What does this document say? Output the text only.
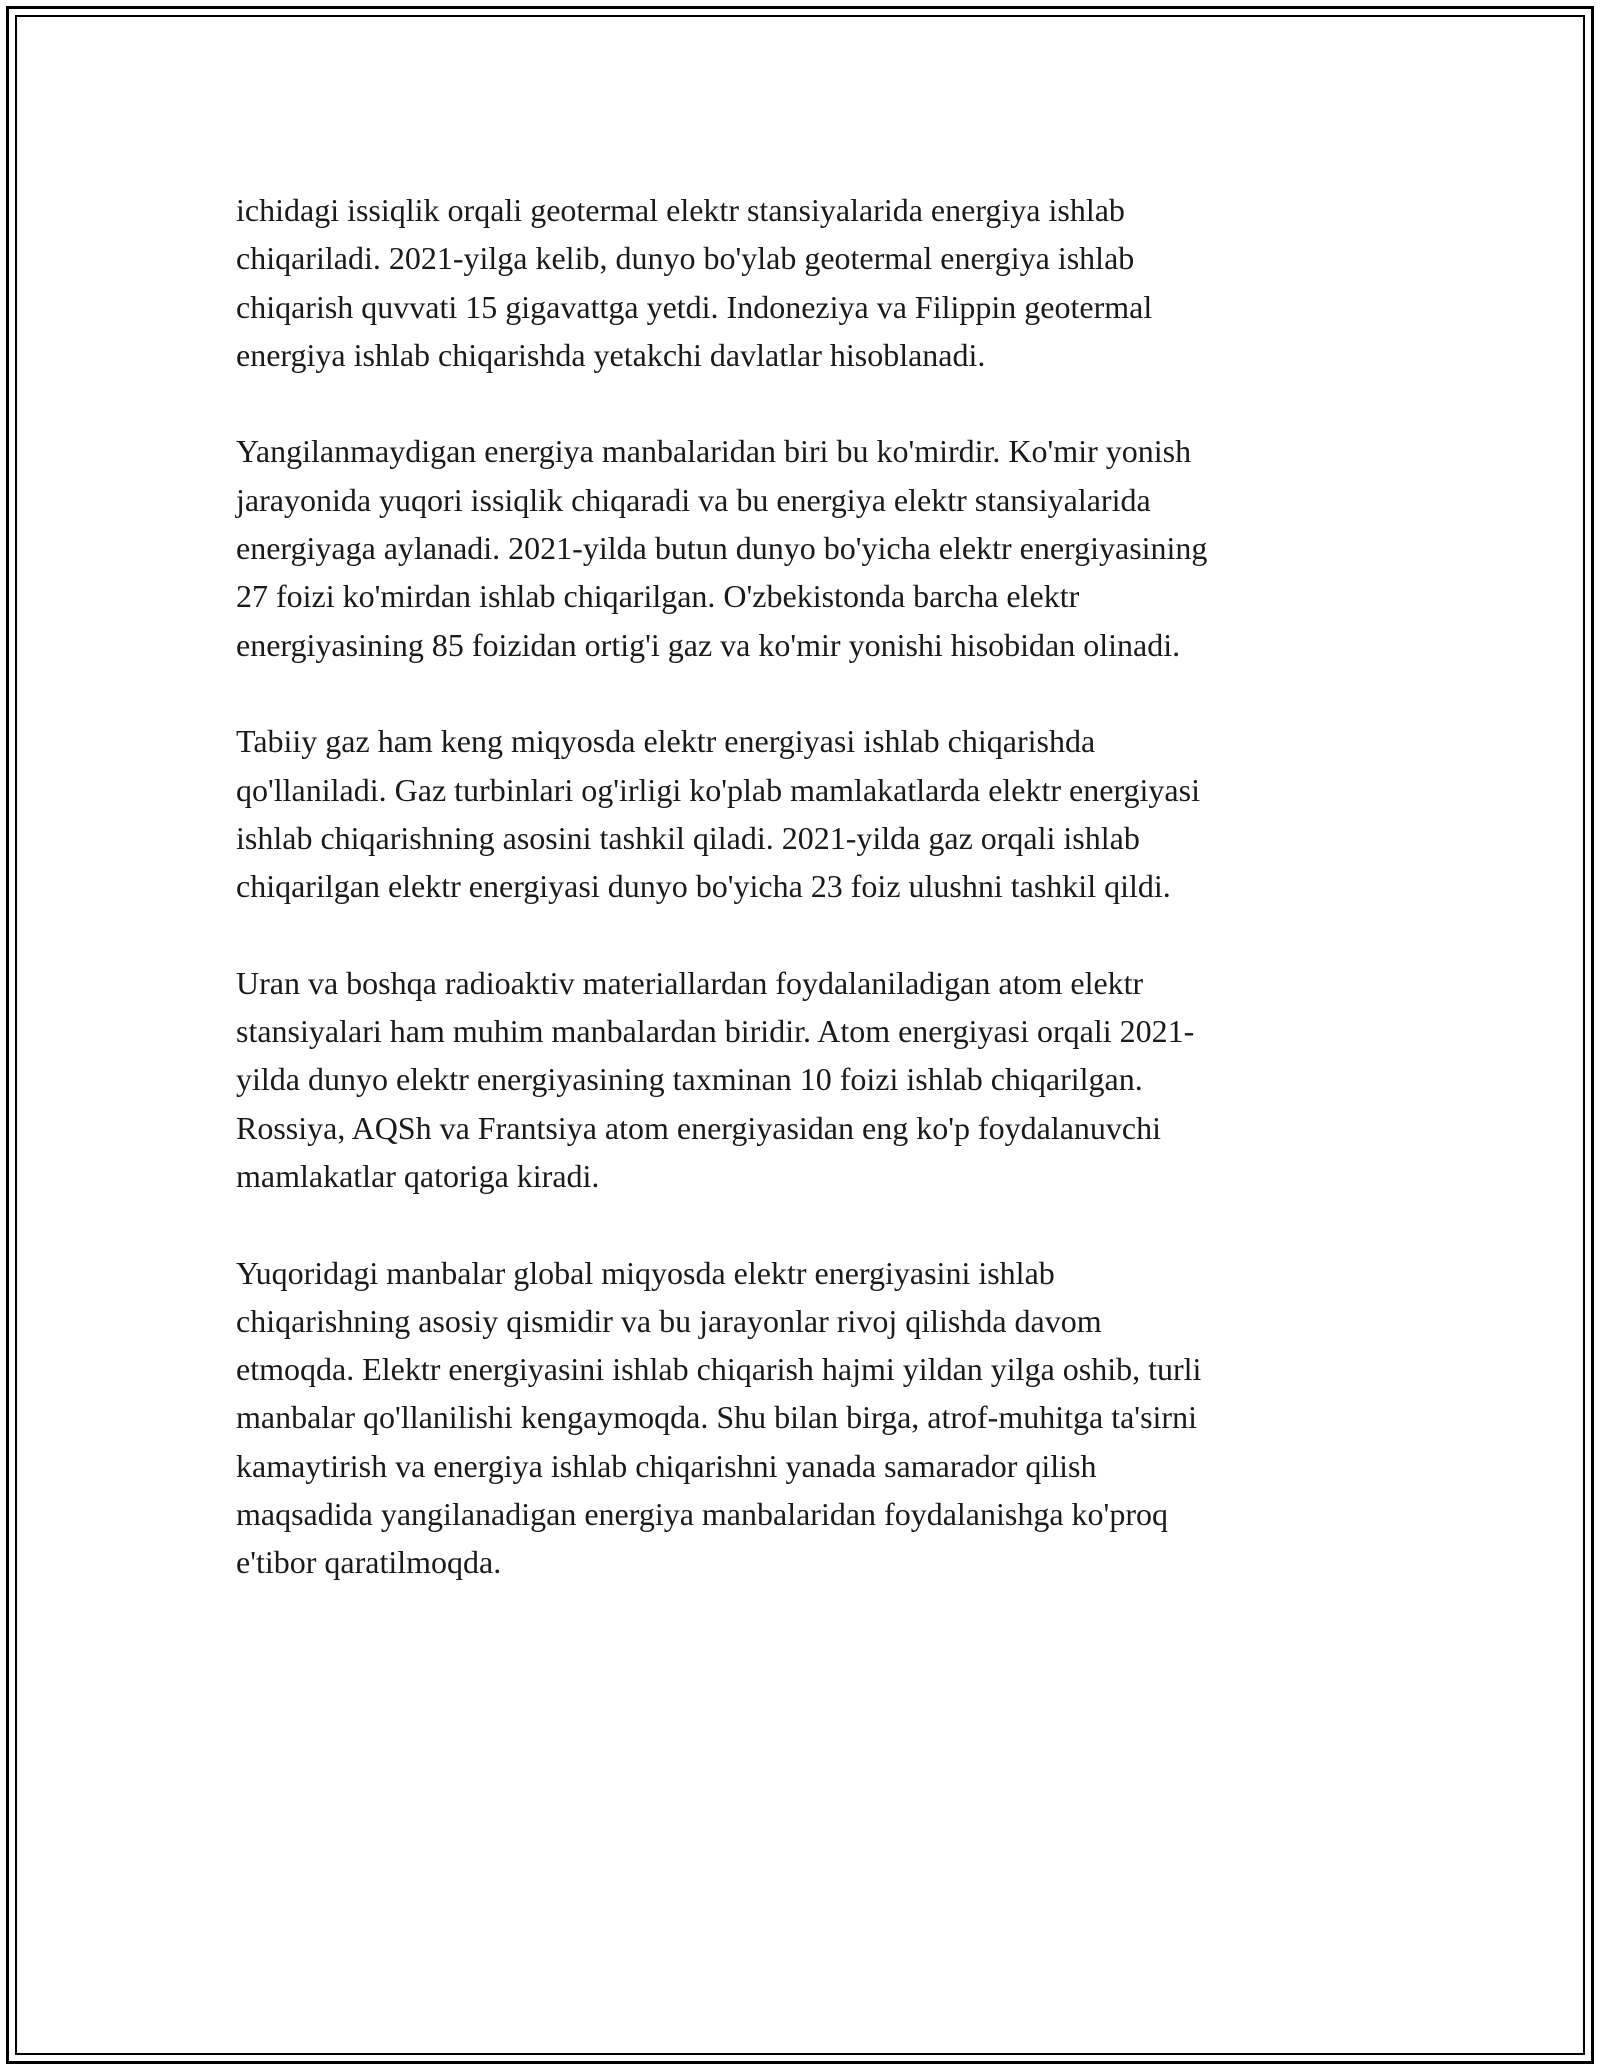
ichidagi issiqlik orqali geotermal elektr stansiyalarida energiya ishlab
chiqariladi. 2021-yilga kelib, dunyo bo'ylab geotermal energiya ishlab
chiqarish quvvati 15 gigavattga yetdi. Indoneziya va Filippin geotermal
energiya ishlab chiqarishda yetakchi davlatlar hisoblanadi.

Yangilanmaydigan energiya manbalaridan biri bu ko'mirdir. Ko'mir yonish
jarayonida yuqori issiqlik chiqaradi va bu energiya elektr stansiyalarida
energiyaga aylanadi. 2021-yilda butun dunyo bo'yicha elektr energiyasining
27 foizi ko'mirdan ishlab chiqarilgan. O'zbekistonda barcha elektr
energiyasining 85 foizidan ortig'i gaz va ko'mir yonishi hisobidan olinadi.

Tabiiy gaz ham keng miqyosda elektr energiyasi ishlab chiqarishda
qo'llaniladi. Gaz turbinlari og'irligi ko'plab mamlakatlarda elektr energiyasi
ishlab chiqarishning asosini tashkil qiladi. 2021-yilda gaz orqali ishlab
chiqarilgan elektr energiyasi dunyo bo'yicha 23 foiz ulushni tashkil qildi.

Uran va boshqa radioaktiv materiallardan foydalaniladigan atom elektr
stansiyalari ham muhim manbalardan biridir. Atom energiyasi orqali 2021-
yilda dunyo elektr energiyasining taxminan 10 foizi ishlab chiqarilgan.
Rossiya, AQSh va Frantsiya atom energiyasidan eng ko'p foydalanuvchi
mamlakatlar qatoriga kiradi.

Yuqoridagi manbalar global miqyosda elektr energiyasini ishlab
chiqarishning asosiy qismidir va bu jarayonlar rivoj qilishda davom
etmoqda. Elektr energiyasini ishlab chiqarish hajmi yildan yilga oshib, turli
manbalar qo'llanilishi kengaymoqda. Shu bilan birga, atrof-muhitga ta'sirni
kamaytirish va energiya ishlab chiqarishni yanada samarador qilish
maqsadida yangilanadigan energiya manbalaridan foydalanishga ko'proq
e'tibor qaratilmoqda.
